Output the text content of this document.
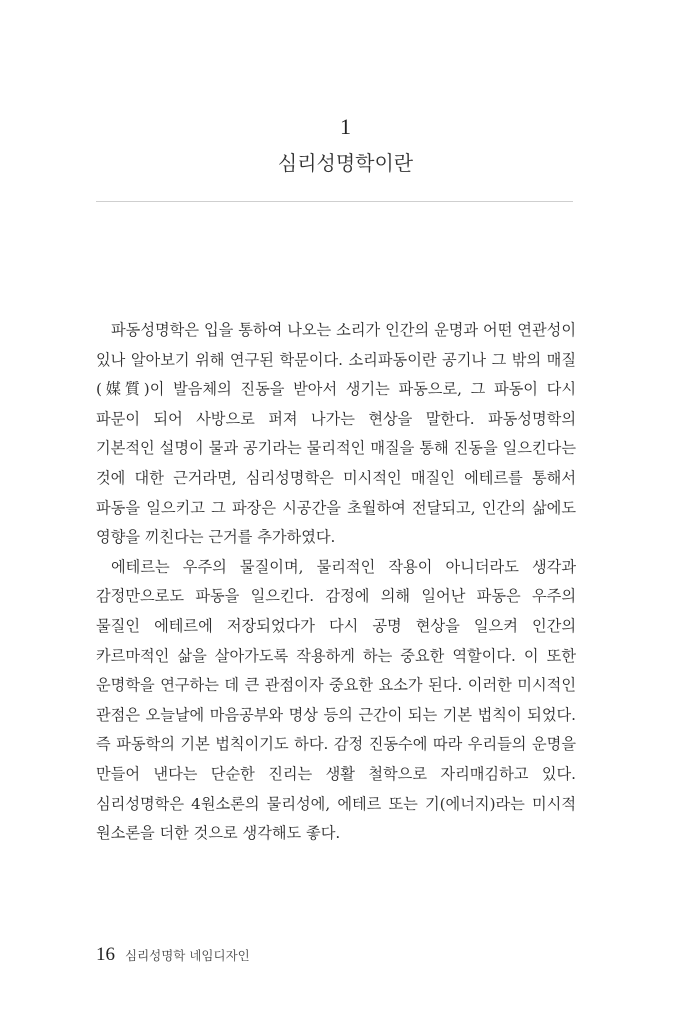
1
심리성명학이란

파동성명학은 입을 통하여 나오는 소리가 인간의 운명과 어떤 연관성이 있나 알아보기 위해 연구된 학문이다. 소리파동이란 공기나 그 밖의 매질(媒質)이 발음체의 진동을 받아서 생기는 파동으로, 그 파동이 다시 파문이 되어 사방으로 퍼져 나가는 현상을 말한다. 파동성명학의 기본적인 설명이 물과 공기라는 물리적인 매질을 통해 진동을 일으킨다는 것에 대한 근거라면, 심리성명학은 미시적인 매질인 에테르를 통해서 파동을 일으키고 그 파장은 시공간을 초월하여 전달되고, 인간의 삶에도 영향을 끼친다는 근거를 추가하였다.

에테르는 우주의 물질이며, 물리적인 작용이 아니더라도 생각과 감정만으로도 파동을 일으킨다. 감정에 의해 일어난 파동은 우주의 물질인 에테르에 저장되었다가 다시 공명 현상을 일으켜 인간의 카르마적인 삶을 살아가도록 작용하게 하는 중요한 역할이다. 이 또한 운명학을 연구하는 데 큰 관점이자 중요한 요소가 된다. 이러한 미시적인 관점은 오늘날에 마음공부와 명상 등의 근간이 되는 기본 법칙이 되었다. 즉 파동학의 기본 법칙이기도 하다. 감정 진동수에 따라 우리들의 운명을 만들어 낸다는 단순한 진리는 생활 철학으로 자리매김하고 있다. 심리성명학은 4원소론의 물리성에, 에테르 또는 기(에너지)라는 미시적 원소론을 더한 것으로 생각해도 좋다.

16 심리성명학 네임디자인
